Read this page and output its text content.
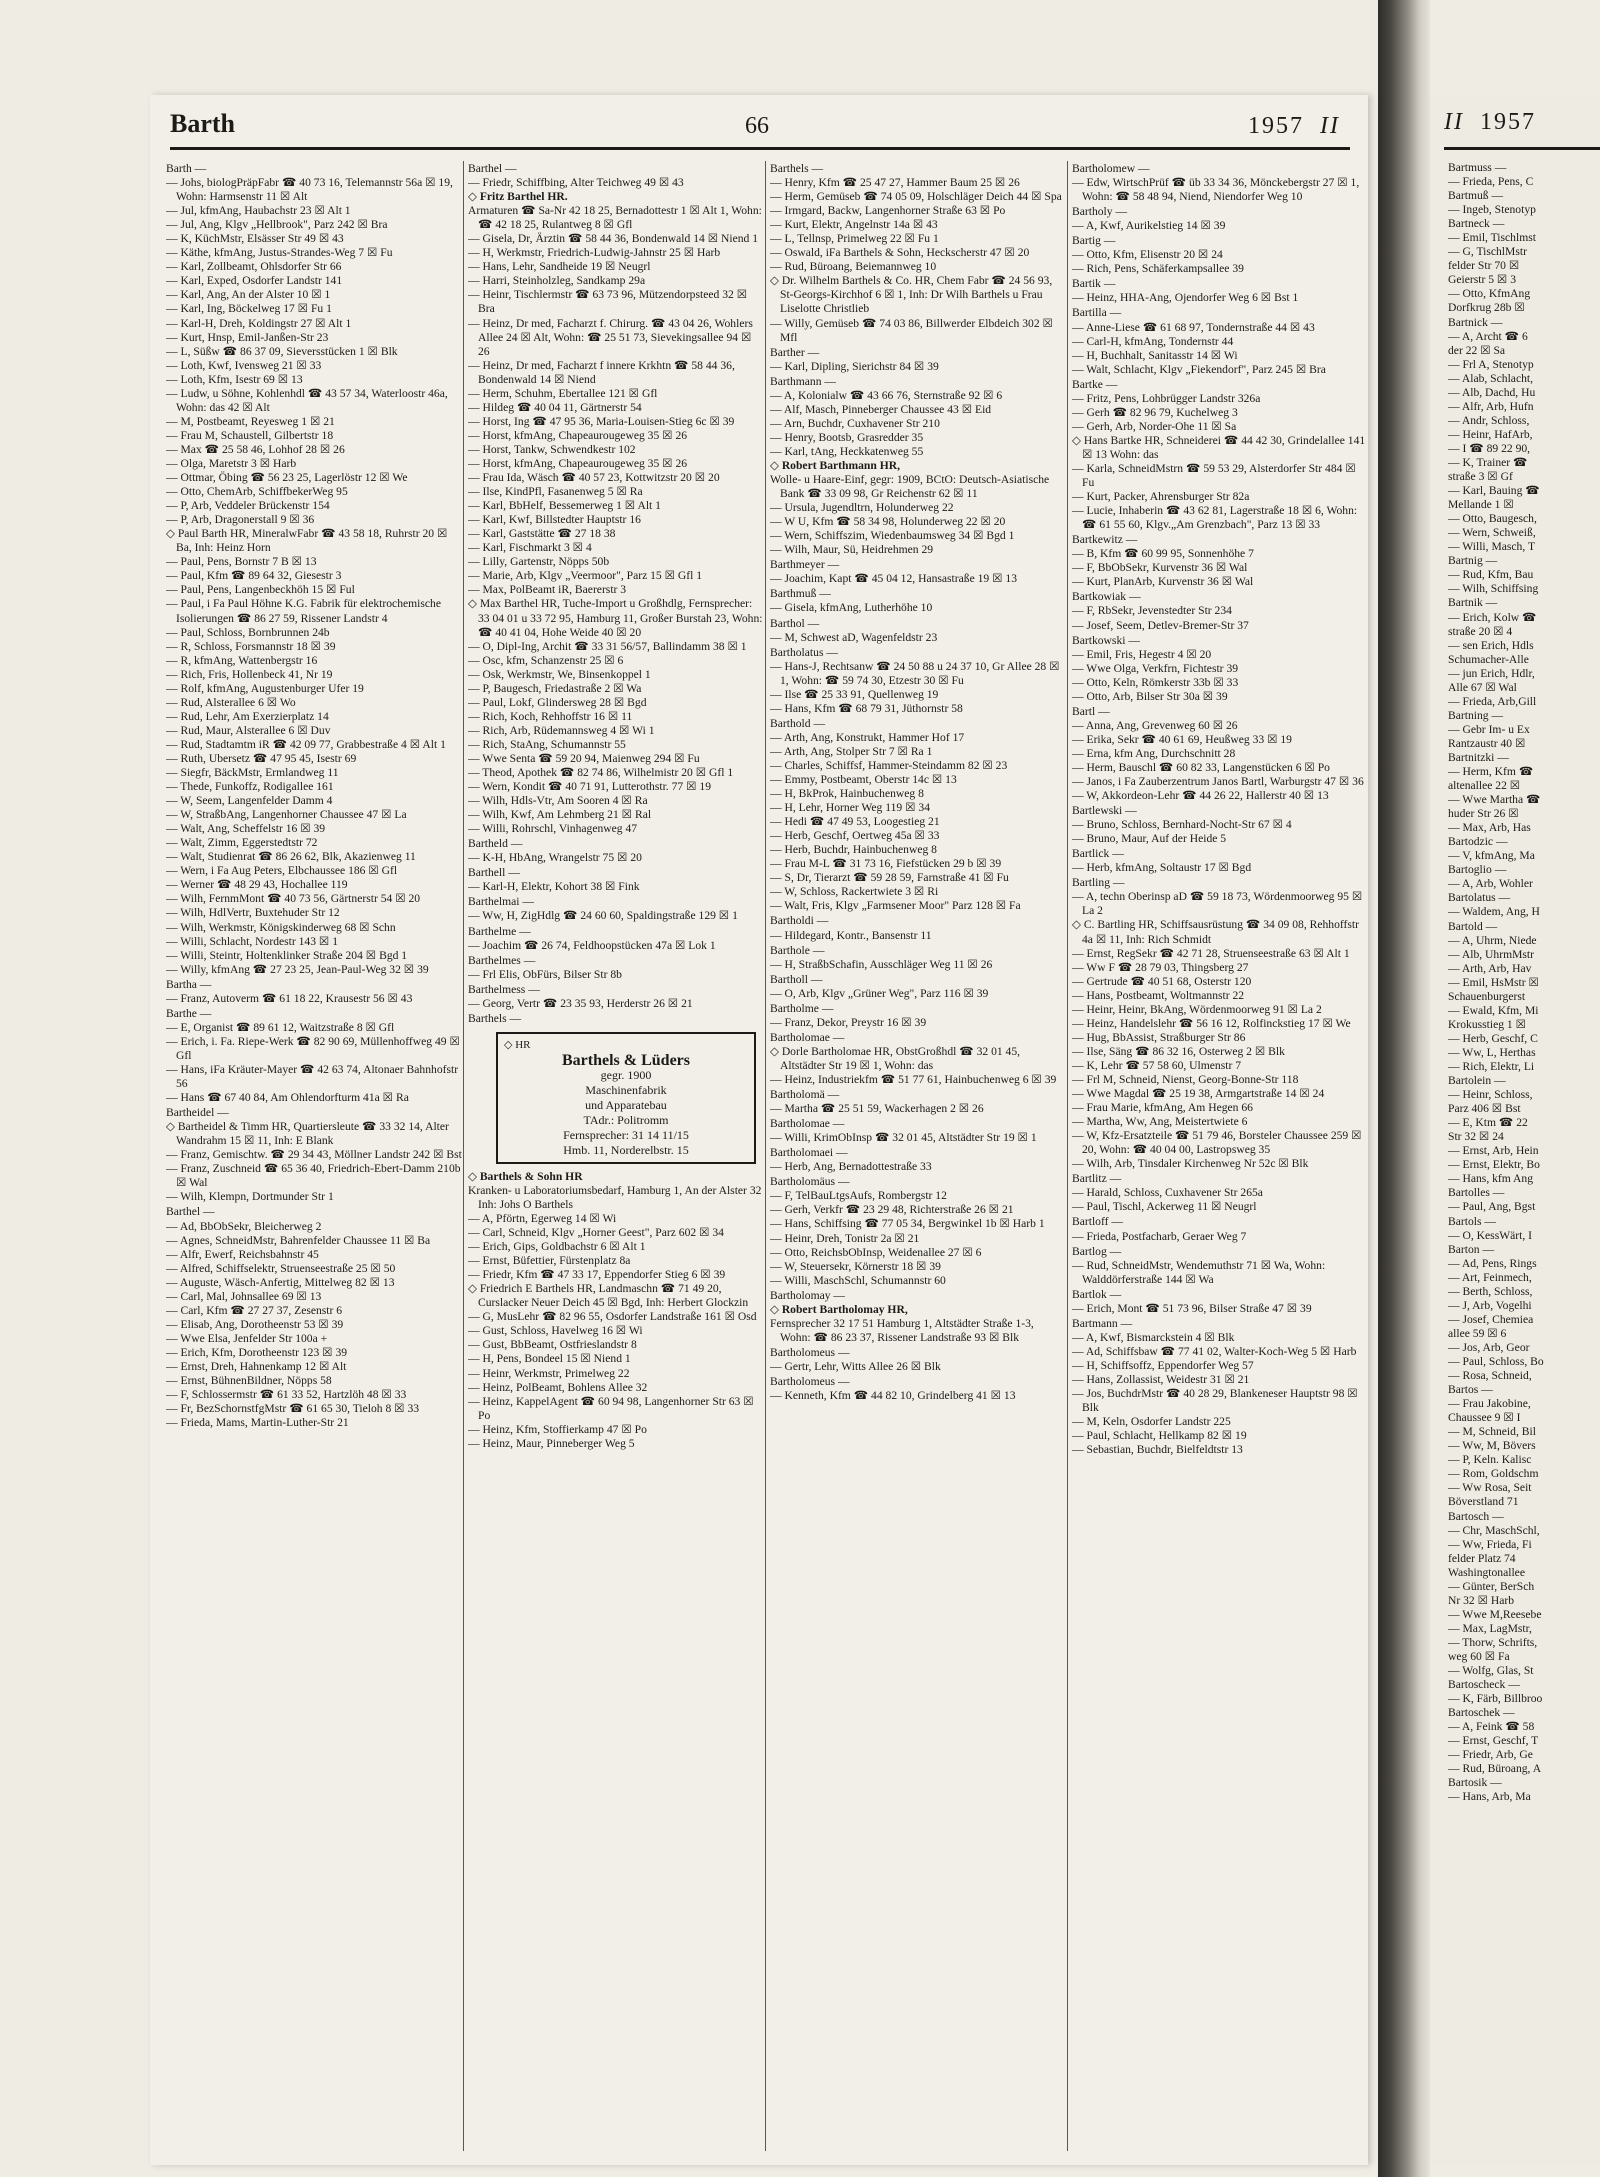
Barth	66	1957 II
Barth —
— Johs, biologPräpFabr ☎ 40 73 16, Telemannstr 56a ☒ 19, Wohn: Harmsenstr 11 ☒ Alt
— Jul, kfmAng, Haubachstr 23 ☒ Alt 1
— Jul, Ang, Klgv „Hellbrook", Parz 242 ☒ Bra
— K, KüchMstr, Elsässer Str 49 ☒ 43
— Käthe, kfmAng, Justus-Strandes-Weg 7 ☒ Fu
— Karl, Zollbeamt, Ohlsdorfer Str 66
— Karl, Exped, Osdorfer Landstr 141
— Karl, Ang, An der Alster 10 ☒ 1
— Karl, Ing, Böckelweg 17 ☒ Fu 1
— Karl-H, Dreh, Koldingstr 27 ☒ Alt 1
— Kurt, Hnsp, Emil-Janßen-Str 23
— L, Süßw ☎ 86 37 09, Sieversstücken 1 ☒ Blk
— Loth, Kwf, Ivensweg 21 ☒ 33
— Loth, Kfm, Isestr 69 ☒ 13
— Ludw, u Söhne, Kohlenhdl ☎ 43 57 34, Waterloostr 46a, Wohn: das 42 ☒ Alt
— M, Postbeamt, Reyesweg 1 ☒ 21
— Frau M, Schaustell, Gilbertstr 18
— Max ☎ 25 58 46, Lohhof 28 ☒ 26
— Olga, Maretstr 3 ☒ Harb
— Ottmar, Öbing ☎ 56 23 25, Lagerlöstr 12 ☒ We
— Otto, ChemArb, SchiffbekerWeg 95
— P, Arb, Veddeler Brückenstr 154
— P, Arb, Dragonerstall 9 ☒ 36
◇ Paul Barth HR, MineralwFabr ☎ 43 58 18, Ruhrstr 20 ☒ Ba, Inh: Heinz Horn
— Paul, Pens, Bornstr 7 B ☒ 13
— Paul, Kfm ☎ 89 64 32, Giesestr 3
— Paul, Pens, Langenbeckhöh 15 ☒ Ful
— Paul, i Fa Paul Höhne K.G. Fabrik für elektrochemische Isolierungen ☎ 86 27 59, Rissener Landstr 4
— Paul, Schloss, Bornbrunnen 24b
— R, Schloss, Forsmannstr 18 ☒ 39
— R, kfmAng, Wattenbergstr 16
— Rich, Fris, Hollenbeck 41, Nr 19
— Rolf, kfmAng, Augustenburger Ufer 19
— Rud, Alsterallee 6 ☒ Wo
— Rud, Lehr, Am Exerzierplatz 14
— Rud, Maur, Alsterallee 6 ☒ Duv
— Rud, Stadtamtm iR ☎ 42 09 77, Grabbestraße 4 ☒ Alt 1
— Ruth, Ubersetz ☎ 47 95 45, Isestr 69
— Siegfr, BäckMstr, Ermlandweg 11
— Thede, Funkoffz, Rodigallee 161
— W, Seem, Langenfelder Damm 4
— W, StraßbAng, Langenhorner Chaussee 47 ☒ La
— Walt, Ang, Scheffelstr 16 ☒ 39
— Walt, Zimm, Eggerstedtstr 72
— Walt, Studienrat ☎ 86 26 62, Blk, Akazienweg 11
— Wern, i Fa Aug Peters, Elbchaussee 186 ☒ Gfl
— Werner ☎ 48 29 43, Hochallee 119
— Wilh, FernmMont ☎ 40 73 56, Gärtnerstr 54 ☒ 20
— Wilh, HdlVertr, Buxtehuder Str 12
— Wilh, Werkmstr, Königskinderweg 68 ☒ Schn
— Willi, Schlacht, Nordestr 143 ☒ 1
— Willi, Steintr, Holtenklinker Straße 204 ☒ Bgd 1
— Willy, kfmAng ☎ 27 23 25, Jean-Paul-Weg 32 ☒ 39
Bartha —
— Franz, Autoverm ☎ 61 18 22, Krausestr 56 ☒ 43
Barthe —
— E, Organist ☎ 89 61 12, Waitzstraße 8 ☒ Gfl
— Erich, i. Fa. Riepe-Werk ☎ 82 90 69, Müllenhoffweg 49 ☒ Gfl
— Hans, iFa Kräuter-Mayer ☎ 42 63 74, Altonaer Bahnhofstr 56
— Hans ☎ 67 40 84, Am Ohlendorfturm 41a ☒ Ra
Bartheidel —
◇ Bartheidel & Timm HR, Quartiersleute ☎ 33 32 14, Alter Wandrahm 15 ☒ 11, Inh: E Blank
— Franz, Gemischtw. ☎ 29 34 43, Möllner Landstr 242 ☒ Bst
— Franz, Zuschneid ☎ 65 36 40, Friedrich-Ebert-Damm 210b ☒ Wal
— Wilh, Klempn, Dortmunder Str 1
Barthel —
— Ad, BbObSekr, Bleicherweg 2
— Agnes, SchneidMstr, Bahrenfelder Chaussee 11 ☒ Ba
— Alfr, Ewerf, Reichsbahnstr 45
— Alfred, Schiffselektr, Struenseestraße 25 ☒ 50
— Auguste, Wäsch-Anfertig, Mittelweg 82 ☒ 13
— Carl, Mal, Johnsallee 69 ☒ 13
— Carl, Kfm ☎ 27 27 37, Zesenstr 6
— Elisab, Ang, Dorotheenstr 53 ☒ 39
— Wwe Elsa, Jenfelder Str 100a +
— Erich, Kfm, Dorotheenstr 123 ☒ 39
— Ernst, Dreh, Hahnenkamp 12 ☒ Alt
— Ernst, BühnenBildner, Nöpps 58
— F, Schlossermstr ☎ 61 33 52, Hartzlöh 48 ☒ 33
— Fr, BezSchornstfgMstr ☎ 61 65 30, Tieloh 8 ☒ 33
— Frieda, Mams, Martin-Luther-Str 21
Barthel —
— Friedr, Schiffbing, Alter Teichweg 49 ☒ 43
◇ Fritz Barthel HR.
Armaturen ☎ Sa-Nr 42 18 25, Bernadottestr 1 ☒ Alt 1, Wohn: ☎ 42 18 25, Rulantweg 8 ☒ Gfl
— Gisela, Dr, Ärztin ☎ 58 44 36, Bondenwald 14 ☒ Niend 1
— H, Werkmstr, Friedrich-Ludwig-Jahnstr 25 ☒ Harb
— Hans, Lehr, Sandheide 19 ☒ Neugrl
— Harri, Steinholzleg, Sandkamp 29a
— Heinr, Tischlermstr ☎ 63 73 96, Mützendorpsteed 32 ☒ Bra
— Heinz, Dr med, Facharzt f. Chirurg. ☎ 43 04 26, Wohlers Allee 24 ☒ Alt, Wohn: ☎ 25 51 73, Sievekingsallee 94 ☒ 26
— Heinz, Dr med, Facharzt f innere Krkhtn ☎ 58 44 36, Bondenwald 14 ☒ Niend
— Herm, Schuhm, Ebertallee 121 ☒ Gfl
— Hildeg ☎ 40 04 11, Gärtnerstr 54
— Horst, Ing ☎ 47 95 36, Maria-Louisen-Stieg 6c ☒ 39
— Horst, kfmAng, Chapeaurougeweg 35 ☒ 26
— Horst, Tankw, Schwendkestr 102
— Horst, kfmAng, Chapeaurougeweg 35 ☒ 26
— Frau Ida, Wäsch ☎ 40 57 23, Kottwitzstr 20 ☒ 20
— Ilse, KindPfl, Fasanenweg 5 ☒ Ra
— Karl, BbHelf, Bessemerweg 1 ☒ Alt 1
— Karl, Kwf, Billstedter Hauptstr 16
— Karl, Gaststätte ☎ 27 18 38
— Karl, Fischmarkt 3 ☒ 4
— Lilly, Gartenstr, Nöpps 50b
— Marie, Arb, Klgv „Veermoor", Parz 15 ☒ Gfl 1
— Max, PolBeamt iR, Baererstr 3
◇ Max Barthel HR, Tuche-Import u Großhdlg, Fernsprecher: 33 04 01 u 33 72 95, Hamburg 11, Großer Burstah 23, Wohn: ☎ 40 41 04, Hohe Weide 40 ☒ 20
— O, Dipl-Ing, Archit ☎ 33 31 56/57, Ballindamm 38 ☒ 1
— Osc, kfm, Schanzenstr 25 ☒ 6
— Osk, Werkmstr, We, Binsenkoppel 1
— P, Baugesch, Friedastraße 2 ☒ Wa
— Paul, Lokf, Glindersweg 28 ☒ Bgd
— Rich, Koch, Rehhoffstr 16 ☒ 11
— Rich, Arb, Rüdemannsweg 4 ☒ Wi 1
— Rich, StaAng, Schumannstr 55
— Wwe Senta ☎ 59 20 94, Maienweg 294 ☒ Fu
— Theod, Apothek ☎ 82 74 86, Wilhelmistr 20 ☒ Gfl 1
— Wern, Kondit ☎ 40 71 91, Lutterothstr. 77 ☒ 19
— Wilh, Hdls-Vtr, Am Sooren 4 ☒ Ra
— Wilh, Kwf, Am Lehmberg 21 ☒ Ral
— Willi, Rohrschl, Vinhagenweg 47
Bartheld —
— K-H, HbAng, Wrangelstr 75 ☒ 20
Barthell —
— Karl-H, Elektr, Kohort 38 ☒ Fink
Barthelmai —
— Ww, H, ZigHdlg ☎ 24 60 60, Spaldingstraße 129 ☒ 1
Barthelme —
— Joachim ☎ 26 74, Feldhoopstücken 47a ☒ Lok 1
Barthelmes —
— Frl Elis, ObFürs, Bilser Str 8b
Barthelmess —
— Georg, Vertr ☎ 23 35 93, Herderstr 26 ☒ 21
Barthels —
◇ HR
Barthels & Lüders
gegr. 1900
Maschinenfabrik
und Apparatebau
TAdr.: Politromm
Fernsprecher: 31 14 11/15
Hmb. 11, Norderelbstr. 15
◇ Barthels & Sohn HR
Kranken- u Laboratoriumsbedarf, Hamburg 1, An der Alster 32 Inh: Johs O Barthels
— A, Pförtn, Egerweg 14 ☒ Wi
— Carl, Schneid, Klgv „Horner Geest", Parz 602 ☒ 34
— Erich, Gips, Goldbachstr 6 ☒ Alt 1
— Ernst, Büfettier, Fürstenplatz 8a
— Friedr, Kfm ☎ 47 33 17, Eppendorfer Stieg 6 ☒ 39
◇ Friedrich E Barthels HR, Landmaschn ☎ 71 49 20, Curslacker Neuer Deich 45 ☒ Bgd, Inh: Herbert Glockzin
— G, MusLehr ☎ 82 96 55, Osdorfer Landstraße 161 ☒ Osd
— Gust, Schloss, Havelweg 16 ☒ Wi
— Gust, BbBeamt, Ostfrieslandstr 8
— H, Pens, Bondeel 15 ☒ Niend 1
— Heinr, Werkmstr, Primelweg 22
— Heinz, PolBeamt, Bohlens Allee 32
— Heinz, KappelAgent ☎ 60 94 98, Langenhorner Str 63 ☒ Po
— Heinz, Kfm, Stoffierkamp 47 ☒ Po
— Heinz, Maur, Pinneberger Weg 5
Barthels —
— Henry, Kfm ☎ 25 47 27, Hammer Baum 25 ☒ 26
— Herm, Gemüseb ☎ 74 05 09, Holschläger Deich 44 ☒ Spa
— Irmgard, Backw, Langenhorner Straße 63 ☒ Po
— Kurt, Elektr, Angelnstr 14a ☒ 43
— L, Tellnsp, Primelweg 22 ☒ Fu 1
— Oswald, iFa Barthels & Sohn, Heckscherstr 47 ☒ 20
— Rud, Büroang, Beiemannweg 10
◇ Dr. Wilhelm Barthels & Co. HR, Chem Fabr ☎ 24 56 93, St-Georgs-Kirchhof 6 ☒ 1, Inh: Dr Wilh Barthels u Frau Liselotte Christlieb
— Willy, Gemüseb ☎ 74 03 86, Billwerder Elbdeich 302 ☒ Mfl
Barther —
— Karl, Dipling, Sierichstr 84 ☒ 39
Barthmann —
— A, Kolonialw ☎ 43 66 76, Sternstraße 92 ☒ 6
— Alf, Masch, Pinneberger Chaussee 43 ☒ Eid
— Arn, Buchdr, Cuxhavener Str 210
— Henry, Bootsb, Grasredder 35
— Karl, tAng, Heckkatenweg 55
◇ Robert Barthmann HR,
Wolle- u Haare-Einf, gegr: 1909, BCtO: Deutsch-Asiatische Bank ☎ 33 09 98, Gr Reichenstr 62 ☒ 11
— Ursula, Jugendltrn, Holunderweg 22
— W U, Kfm ☎ 58 34 98, Holunderweg 22 ☒ 20
— Wern, Schiffszim, Wiedenbaumsweg 34 ☒ Bgd 1
— Wilh, Maur, Sü, Heidrehmen 29
Barthmeyer —
— Joachim, Kapt ☎ 45 04 12, Hansastraße 19 ☒ 13
Barthmuß —
— Gisela, kfmAng, Lutherhöhe 10
Barthol —
— M, Schwest aD, Wagenfeldstr 23
Bartholatus —
— Hans-J, Rechtsanw ☎ 24 50 88 u 24 37 10, Gr Allee 28 ☒ 1, Wohn: ☎ 59 74 30, Etzestr 30 ☒ Fu
— Ilse ☎ 25 33 91, Quellenweg 19
— Hans, Kfm ☎ 68 79 31, Jüthornstr 58
Barthold —
— Arth, Ang, Konstrukt, Hammer Hof 17
— Arth, Ang, Stolper Str 7 ☒ Ra 1
— Charles, Schiffsf, Hammer-Steindamm 82 ☒ 23
— Emmy, Postbeamt, Oberstr 14c ☒ 13
— H, BkProk, Hainbuchenweg 8
— H, Lehr, Horner Weg 119 ☒ 34
— Hedi ☎ 47 49 53, Loogestieg 21
— Herb, Geschf, Oertweg 45a ☒ 33
— Herb, Buchdr, Hainbuchenweg 8
— Frau M-L ☎ 31 73 16, Fiefstücken 29 b ☒ 39
— S, Dr, Tierarzt ☎ 59 28 59, Farnstraße 41 ☒ Fu
— W, Schloss, Rackertwiete 3 ☒ Ri
— Walt, Fris, Klgv „Farmsener Moor" Parz 128 ☒ Fa
Bartholdi —
— Hildegard, Kontr., Bansenstr 11
Barthole —
— H, StraßbSchafin, Ausschläger Weg 11 ☒ 26
Bartholl —
— O, Arb, Klgv „Grüner Weg", Parz 116 ☒ 39
Bartholme —
— Franz, Dekor, Preystr 16 ☒ 39
Bartholomae —
◇ Dorle Bartholomae HR, ObstGroßhdl ☎ 32 01 45, Altstädter Str 19 ☒ 1, Wohn: das
— Heinz, Industriekfm ☎ 51 77 61, Hainbuchenweg 6 ☒ 39
Bartholomä —
— Martha ☎ 25 51 59, Wackerhagen 2 ☒ 26
Bartholomae —
— Willi, KrimObInsp ☎ 32 01 45, Altstädter Str 19 ☒ 1
Bartholomaei —
— Herb, Ang, Bernadottestraße 33
Bartholomäus —
— F, TelBauLtgsAufs, Rombergstr 12
— Gerh, Verkfr ☎ 23 29 48, Richterstraße 26 ☒ 21
— Hans, Schiffsing ☎ 77 05 34, Bergwinkel 1b ☒ Harb 1
— Heinr, Dreh, Tonistr 2a ☒ 21
— Otto, ReichsbObInsp, Weidenallee 27 ☒ 6
— W, Steuersekr, Körnerstr 18 ☒ 39
— Willi, MaschSchl, Schumannstr 60
Bartholomay —
◇ Robert Bartholomay HR,
Fernsprecher 32 17 51 Hamburg 1, Altstädter Straße 1-3, Wohn: ☎ 86 23 37, Rissener Landstraße 93 ☒ Blk
Bartholomeus —
— Gertr, Lehr, Witts Allee 26 ☒ Blk
Bartholomeus —
— Kenneth, Kfm ☎ 44 82 10, Grindelberg 41 ☒ 13
Bartholomew —
— Edw, WirtschPrüf ☎ üb 33 34 36, Mönckebergstr 27 ☒ 1, Wohn: ☎ 58 48 94, Niend, Niendorfer Weg 10
Bartholy —
— A, Kwf, Aurikelstieg 14 ☒ 39
Bartig —
— Otto, Kfm, Elisenstr 20 ☒ 24
— Rich, Pens, Schäferkampsallee 39
Bartik —
— Heinz, HHA-Ang, Ojendorfer Weg 6 ☒ Bst 1
Bartilla —
— Anne-Liese ☎ 61 68 97, Tondernstraße 44 ☒ 43
— Carl-H, kfmAng, Tondernstr 44
— H, Buchhalt, Sanitasstr 14 ☒ Wi
— Walt, Schlacht, Klgv „Fiekendorf", Parz 245 ☒ Bra
Bartke —
— Fritz, Pens, Lohbrügger Landstr 326a
— Gerh ☎ 82 96 79, Kuchelweg 3
— Gerh, Arb, Norder-Ohe 11 ☒ Sa
◇ Hans Bartke HR, Schneiderei ☎ 44 42 30, Grindelallee 141 ☒ 13 Wohn: das
— Karla, SchneidMstrn ☎ 59 53 29, Alsterdorfer Str 484 ☒ Fu
— Kurt, Packer, Ahrensburger Str 82a
— Lucie, Inhaberin ☎ 43 62 81, Lagerstraße 18 ☒ 6, Wohn: ☎ 61 55 60, Klgv.„Am Grenzbach", Parz 13 ☒ 33
Bartkewitz —
— B, Kfm ☎ 60 99 95, Sonnenhöhe 7
— F, BbObSekr, Kurvenstr 36 ☒ Wal
— Kurt, PlanArb, Kurvenstr 36 ☒ Wal
Bartkowiak —
— F, RbSekr, Jevenstedter Str 234
— Josef, Seem, Detlev-Bremer-Str 37
Bartkowski —
— Emil, Fris, Hegestr 4 ☒ 20
— Wwe Olga, Verkfrn, Fichtestr 39
— Otto, Keln, Römkerstr 33b ☒ 33
— Otto, Arb, Bilser Str 30a ☒ 39
Bartl —
— Anna, Ang, Grevenweg 60 ☒ 26
— Erika, Sekr ☎ 40 61 69, Heußweg 33 ☒ 19
— Erna, kfm Ang, Durchschnitt 28
— Herm, Bauschl ☎ 60 82 33, Langenstücken 6 ☒ Po
— Janos, i Fa Zauberzentrum Janos Bartl, Warburgstr 47 ☒ 36
— W, Akkordeon-Lehr ☎ 44 26 22, Hallerstr 40 ☒ 13
Bartlewski —
— Bruno, Schloss, Bernhard-Nocht-Str 67 ☒ 4
— Bruno, Maur, Auf der Heide 5
Bartlick —
— Herb, kfmAng, Soltaustr 17 ☒ Bgd
Bartling —
— A, techn Oberinsp aD ☎ 59 18 73, Wördenmoorweg 95 ☒ La 2
◇ C. Bartling HR, Schiffsausrüstung ☎ 34 09 08, Rehhoffstr 4a ☒ 11, Inh: Rich Schmidt
— Ernst, RegSekr ☎ 42 71 28, Struenseestraße 63 ☒ Alt 1
— Ww F ☎ 28 79 03, Thingsberg 27
— Gertrude ☎ 40 51 68, Osterstr 120
— Hans, Postbeamt, Woltmannstr 22
— Heinr, Heinr, BkAng, Wördenmoorweg 91 ☒ La 2
— Heinz, Handelslehr ☎ 56 16 12, Rolfinckstieg 17 ☒ We
— Hug, BbAssist, Straßburger Str 86
— Ilse, Säng ☎ 86 32 16, Osterweg 2 ☒ Blk
— K, Lehr ☎ 57 58 60, Ulmenstr 7
— Frl M, Schneid, Nienst, Georg-Bonne-Str 118
— Wwe Magdal ☎ 25 19 38, Armgartstraße 14 ☒ 24
— Frau Marie, kfmAng, Am Hegen 66
— Martha, Ww, Ang, Meistertwiete 6
— W, Kfz-Ersatzteile ☎ 51 79 46, Borsteler Chaussee 259 ☒ 20, Wohn: ☎ 40 04 00, Lastropsweg 35
— Wilh, Arb, Tinsdaler Kirchenweg Nr 52c ☒ Blk
Bartlitz —
— Harald, Schloss, Cuxhavener Str 265a
— Paul, Tischl, Ackerweg 11 ☒ Neugrl
Bartloff —
— Frieda, Postfacharb, Geraer Weg 7
Bartlog —
— Rud, SchneidMstr, Wendemuthstr 71 ☒ Wa, Wohn: Walddörferstraße 144 ☒ Wa
Bartlok —
— Erich, Mont ☎ 51 73 96, Bilser Straße 47 ☒ 39
Bartmann —
— A, Kwf, Bismarckstein 4 ☒ Blk
— Ad, Schiffsbaw ☎ 77 41 02, Walter-Koch-Weg 5 ☒ Harb
— H, Schiffsoffz, Eppendorfer Weg 57
— Hans, Zollassist, Weidestr 31 ☒ 21
— Jos, BuchdrMstr ☎ 40 28 29, Blankeneser Hauptstr 98 ☒ Blk
— M, Keln, Osdorfer Landstr 225
— Paul, Schlacht, Hellkamp 82 ☒ 19
— Sebastian, Buchdr, Bielfeldtstr 13
II 1957
Bartmuss —
— Frieda, Pens, C
Bartmuß —
— Ingeb, Stenotyp
Bartneck —
— Emil, Tischlmst
— G, TischlMstr
felder Str 70 ☒
Geierstr 5 ☒ 3
— Otto, KfmAng
Dorfkrug 28b ☒
Bartnick —
— A, Archt ☎ 6
der 22 ☒ Sa
— Frl A, Stenotyp
— Alab, Schlacht,
— Alb, Dachd, Hu
— Alfr, Arb, Hufn
— Andr, Schloss,
— Heinr, HafArb,
— I ☎ 89 22 90,
— K, Trainer ☎
straße 3 ☒ Gf
— Karl, Bauing ☎
Mellande 1 ☒
— Otto, Baugesch,
— Wern, Schweiß,
— Willi, Masch, T
Bartnig —
— Rud, Kfm, Bau
— Wilh, Schiffsing
Bartnik —
— Erich, Kolw ☎
straße 20 ☒ 4
— sen Erich, Hdls
Schumacher-Alle
— jun Erich, Hdlr,
Alle 67 ☒ Wal
— Frieda, Arb,Gill
Bartning —
— Gebr Im- u Ex
Rantzaustr 40 ☒
Bartnitzki —
— Herm, Kfm ☎
altenallee 22 ☒
— Wwe Martha ☎
huder Str 26 ☒
— Max, Arb, Has
Bartodzic —
— V, kfmAng, Ma
Bartoglio —
— A, Arb, Wohler
Bartolatus —
— Waldem, Ang, H
Bartold —
— A, Uhrm, Niede
— Alb, UhrmMstr
— Arth, Arb, Hav
— Emil, HsMstr ☒
Schauenburgerst
— Ewald, Kfm, Mi
Krokusstieg 1 ☒
— Herb, Geschf, C
— Ww, L, Herthas
— Rich, Elektr, Li
Bartolein —
— Heinr, Schloss,
Parz 406 ☒ Bst
— E, Ktm ☎ 22
Str 32 ☒ 24
— Ernst, Arb, Hein
— Ernst, Elektr, Bo
— Hans, kfm Ang
Bartolles —
— Paul, Ang, Bgst
Bartols —
— O, KessWärt, I
Barton —
— Ad, Pens, Rings
— Art, Feinmech,
— Berth, Schloss,
— J, Arb, Vogelhi
— Josef, Chemiea
allee 59 ☒ 6
— Jos, Arb, Geor
— Paul, Schloss, Bo
— Rosa, Schneid,
Bartos —
— Frau Jakobine,
Chaussee 9 ☒ I
— M, Schneid, Bil
— Ww, M, Bövers
— P, Keln. Kalisc
— Rom, Goldschm
— Ww Rosa, Seit
Böverstland 71
Bartosch —
— Chr, MaschSchl,
— Ww, Frieda, Fi
felder Platz 74
Washingtonallee
— Günter, BerSch
Nr 32 ☒ Harb
— Wwe M,Reesebe
— Max, LagMstr,
— Thorw, Schrifts,
weg 60 ☒ Fa
— Wolfg, Glas, St
Bartoscheck —
— K, Färb, Billbroo
Bartoschek —
— A, Feink ☎ 58
— Ernst, Geschf, T
— Friedr, Arb, Ge
— Rud, Büroang, A
Bartosik —
— Hans, Arb, Ma
